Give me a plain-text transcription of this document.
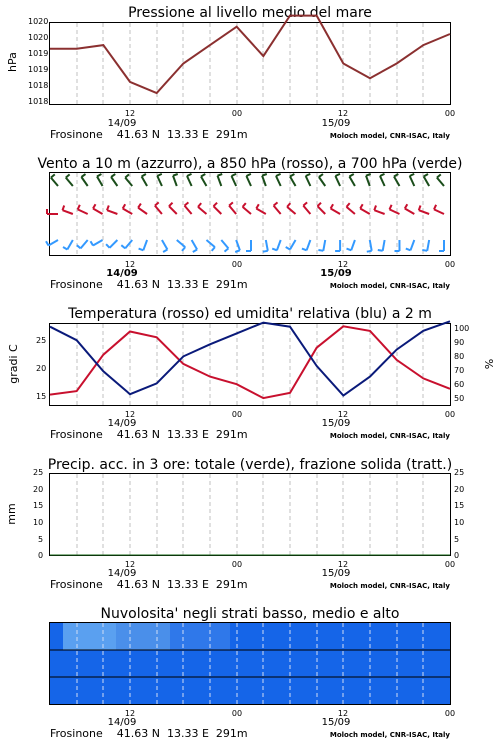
Pressione al livello medio del mare
hPa
1020
1020
1019
1019
1018
1018
12	00	12	00
14/09	15/09
Frosinone    41.63 N  13.33 E  291m	Moloch model, CNR-ISAC, Italy
Vento a 10 m (azzurro), a 850 hPa (rosso), a 700 hPa (verde)
12	00	12	00
14/09	15/09
Frosinone    41.63 N  13.33 E  291m	Moloch model, CNR-ISAC, Italy
Temperatura (rosso) ed umidita' relativa (blu) a 2 m
gradi C	%
15
20
25
50
60
70
80
90
100
12	00	12	00
14/09	15/09
Frosinone    41.63 N  13.33 E  291m	Moloch model, CNR-ISAC, Italy
Precip. acc. in 3 ore: totale (verde), frazione solida (tratt.)
mm
0
5
10
15
20
25
0
5
10
15
20
25
12	00	12	00
14/09	15/09
Frosinone    41.63 N  13.33 E  291m	Moloch model, CNR-ISAC, Italy
Nuvolosita' negli strati basso, medio e alto
12	00	12	00
14/09	15/09
Frosinone    41.63 N  13.33 E  291m	Moloch model, CNR-ISAC, Italy
